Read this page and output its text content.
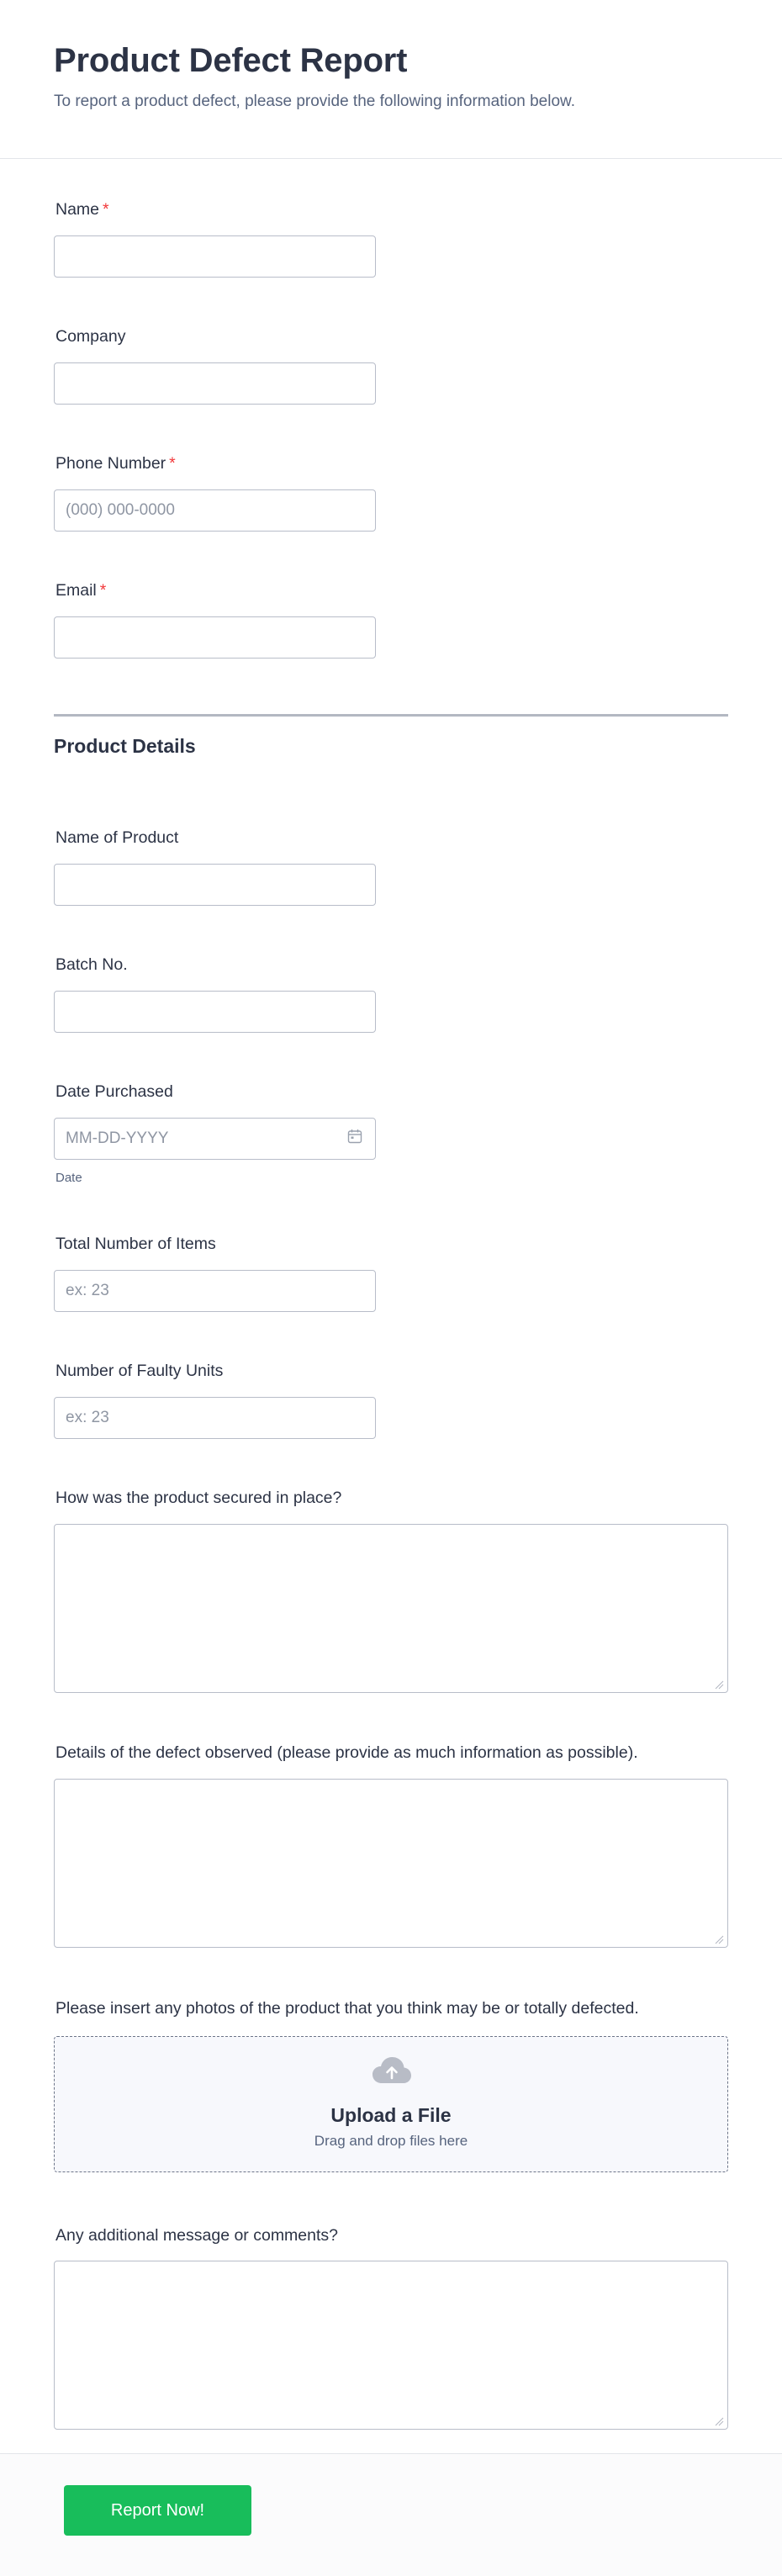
Product Defect Report
To report a product defect, please provide the following information below.
Name *
Company
Phone Number *
(000) 000-0000
Email *
Product Details
Name of Product
Batch No.
Date Purchased
MM-DD-YYYY
Date
Total Number of Items
ex: 23
Number of Faulty Units
ex: 23
How was the product secured in place?
Details of the defect observed (please provide as much information as possible).
Please insert any photos of the product that you think may be or totally defected.
Upload a File
Drag and drop files here
Any additional message or comments?
Report Now!
